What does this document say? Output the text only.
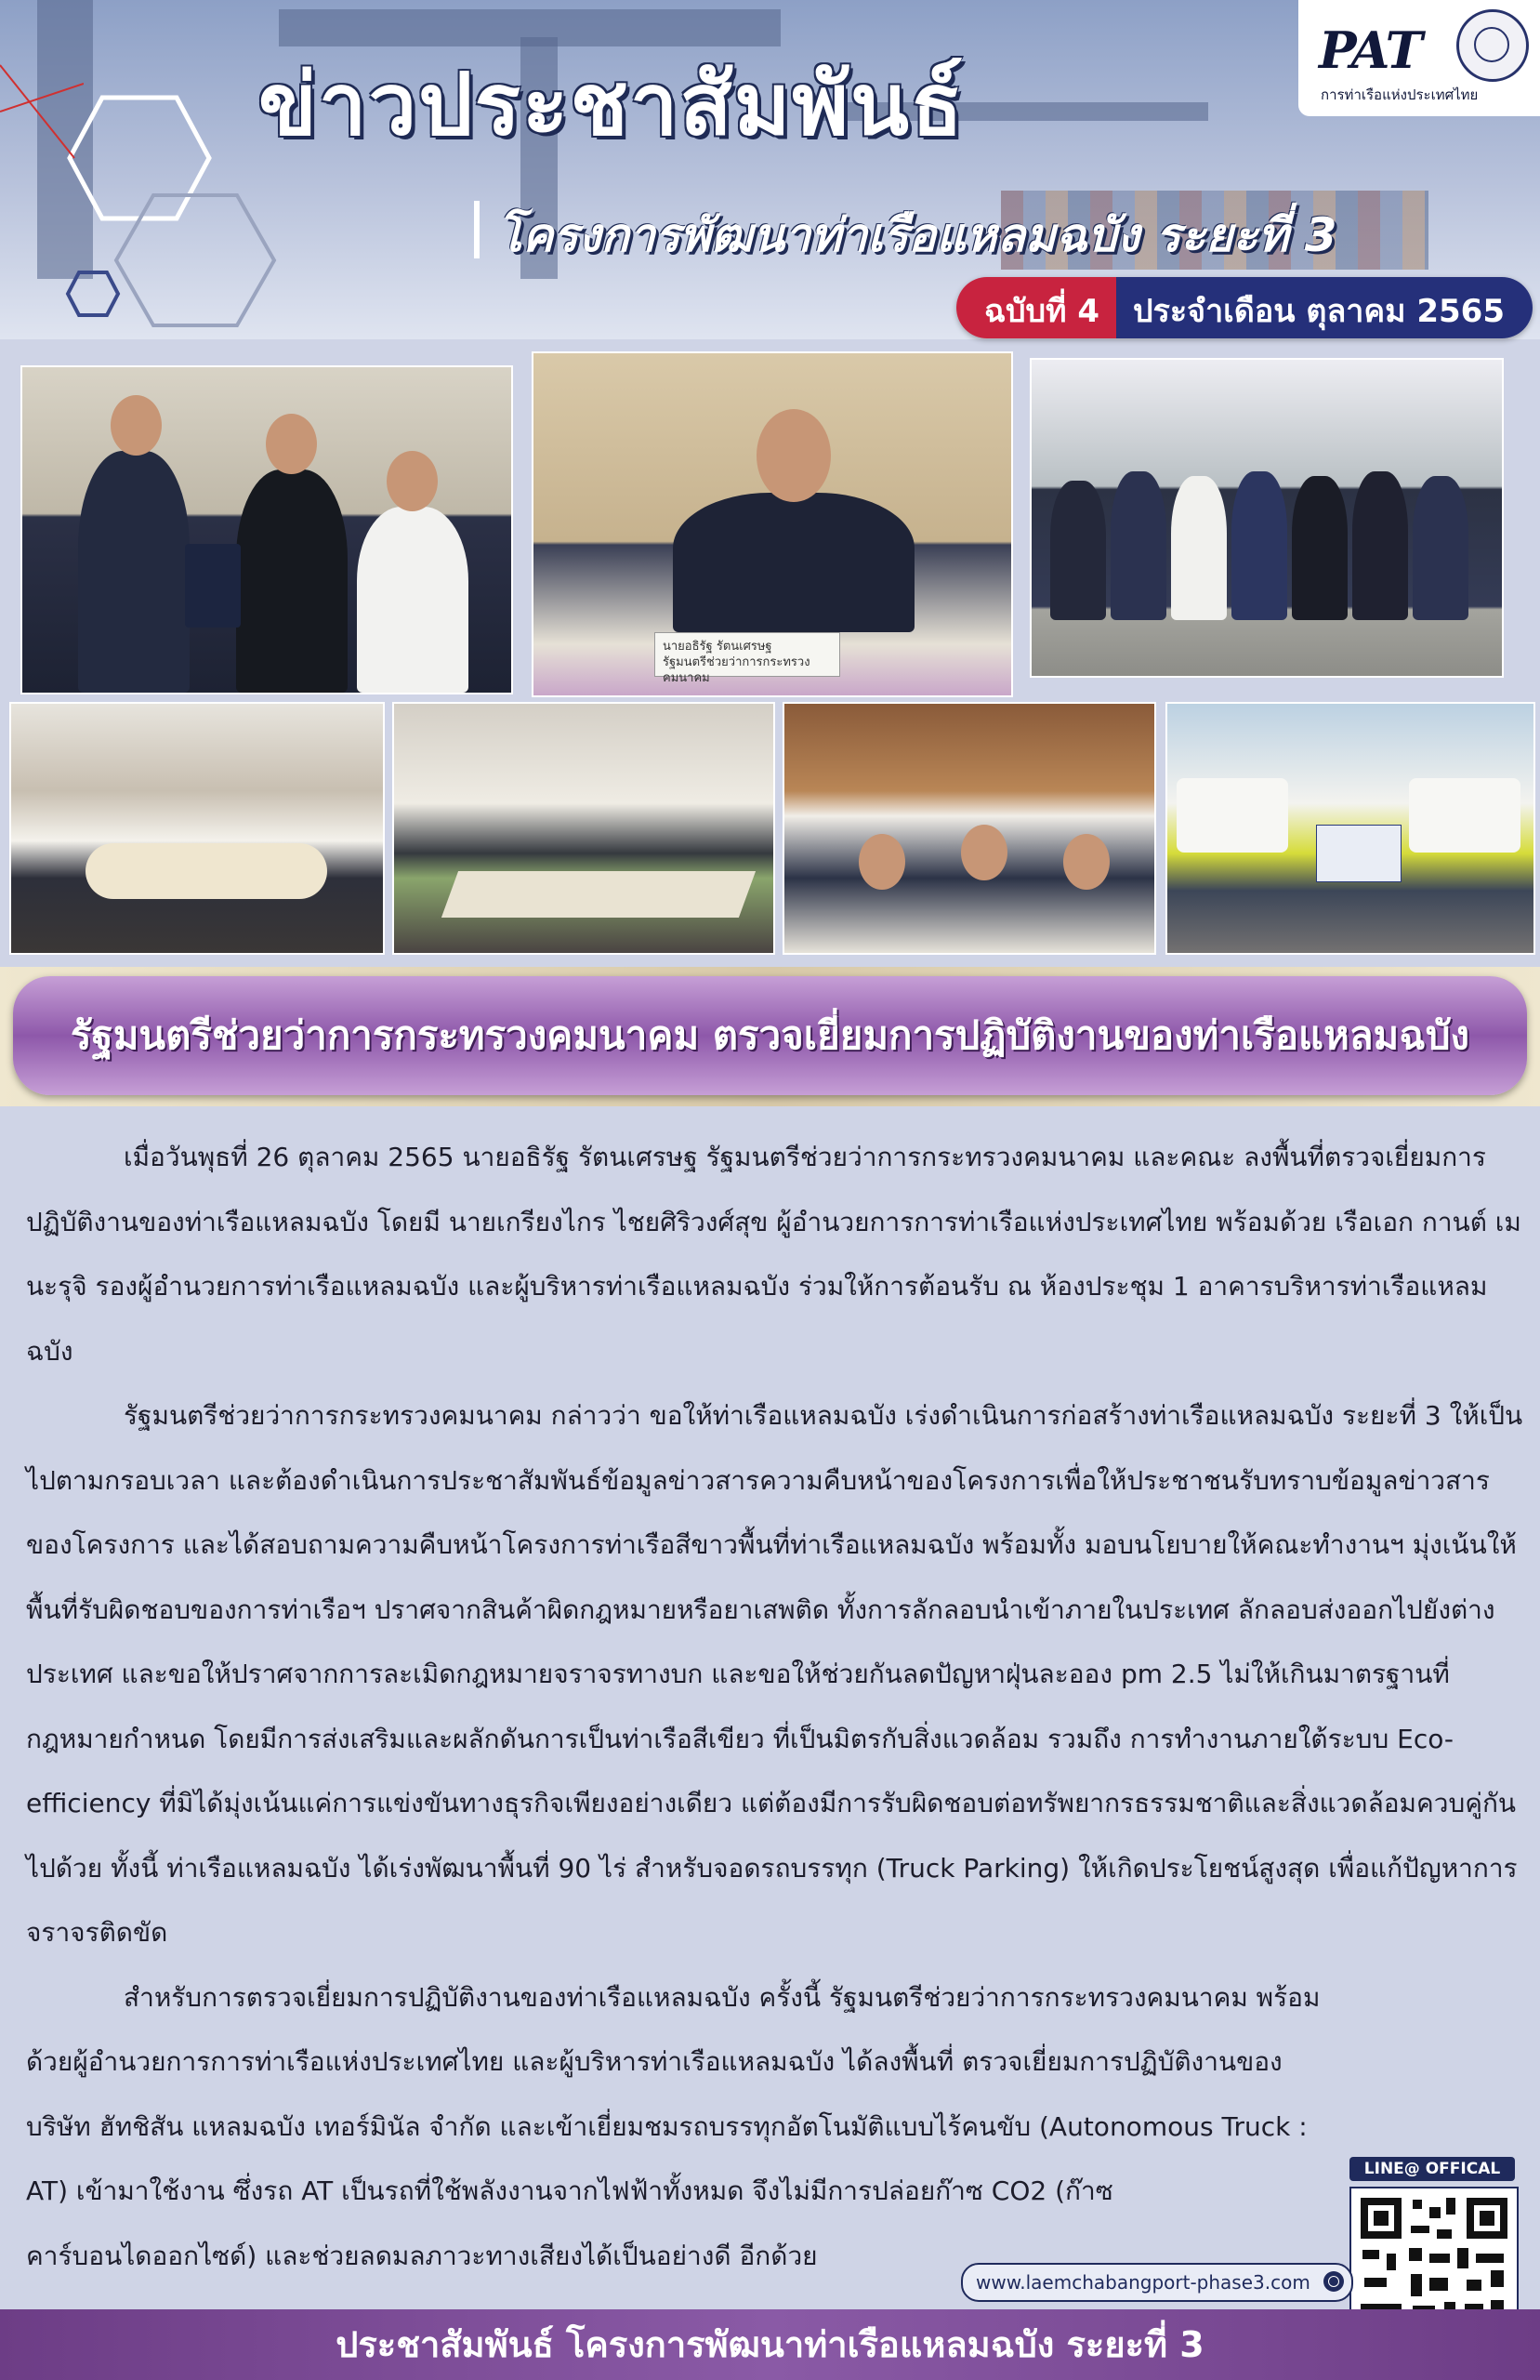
ข่าวประชาสัมพันธ์
โครงการพัฒนาท่าเรือแหลมฉบัง ระยะที่ 3
PAT
การท่าเรือแห่งประเทศไทย
ฉบับที่ 4	ประจำเดือน ตุลาคม 2565
นายอธิรัฐ รัตนเศรษฐ
รัฐมนตรีช่วยว่าการกระทรวงคมนาคม
รัฐมนตรีช่วยว่าการกระทรวงคมนาคม ตรวจเยี่ยมการปฏิบัติงานของท่าเรือแหลมฉบัง

เมื่อวันพุธที่ 26 ตุลาคม 2565 นายอธิรัฐ รัตนเศรษฐ รัฐมนตรีช่วยว่าการกระทรวงคมนาคม และคณะ ลงพื้นที่ตรวจเยี่ยมการปฏิบัติงานของท่าเรือแหลมฉบัง โดยมี นายเกรียงไกร ไชยศิริวงศ์สุข ผู้อำนวยการการท่าเรือแห่งประเทศไทย พร้อมด้วย เรือเอก กานต์ เมนะรุจิ รองผู้อำนวยการท่าเรือแหลมฉบัง และผู้บริหารท่าเรือแหลมฉบัง ร่วมให้การต้อนรับ ณ ห้องประชุม 1 อาคารบริหารท่าเรือแหลมฉบัง

รัฐมนตรีช่วยว่าการกระทรวงคมนาคม กล่าวว่า ขอให้ท่าเรือแหลมฉบัง เร่งดำเนินการก่อสร้างท่าเรือแหลมฉบัง ระยะที่ 3 ให้เป็นไปตามกรอบเวลา และต้องดำเนินการประชาสัมพันธ์ข้อมูลข่าวสารความคืบหน้าของโครงการเพื่อให้ประชาชนรับทราบข้อมูลข่าวสารของโครงการ และได้สอบถามความคืบหน้าโครงการท่าเรือสีขาวพื้นที่ท่าเรือแหลมฉบัง พร้อมทั้ง มอบนโยบายให้คณะทำงานฯ มุ่งเน้นให้พื้นที่รับผิดชอบของการท่าเรือฯ ปราศจากสินค้าผิดกฎหมายหรือยาเสพติด ทั้งการลักลอบนำเข้าภายในประเทศ ลักลอบส่งออกไปยังต่างประเทศ และขอให้ปราศจากการละเมิดกฎหมายจราจรทางบก และขอให้ช่วยกันลดปัญหาฝุ่นละออง pm 2.5 ไม่ให้เกินมาตรฐานที่กฎหมายกำหนด โดยมีการส่งเสริมและผลักดันการเป็นท่าเรือสีเขียว ที่เป็นมิตรกับสิ่งแวดล้อม รวมถึง การทำงานภายใต้ระบบ Eco-efficiency ที่มิได้มุ่งเน้นแค่การแข่งขันทางธุรกิจเพียงอย่างเดียว แต่ต้องมีการรับผิดชอบต่อทรัพยากรธรรมชาติและสิ่งแวดล้อมควบคู่กันไปด้วย ทั้งนี้ ท่าเรือแหลมฉบัง ได้เร่งพัฒนาพื้นที่ 90 ไร่ สำหรับจอดรถบรรทุก (Truck Parking) ให้เกิดประโยชน์สูงสุด เพื่อแก้ปัญหาการจราจรติดขัด

สำหรับการตรวจเยี่ยมการปฏิบัติงานของท่าเรือแหลมฉบัง ครั้งนี้ รัฐมนตรีช่วยว่าการกระทรวงคมนาคม พร้อมด้วยผู้อำนวยการการท่าเรือแห่งประเทศไทย และผู้บริหารท่าเรือแหลมฉบัง ได้ลงพื้นที่ ตรวจเยี่ยมการปฏิบัติงานของบริษัท ฮัทชิสัน แหลมฉบัง เทอร์มินัล จำกัด และเข้าเยี่ยมชมรถบรรทุกอัตโนมัติแบบไร้คนขับ (Autonomous Truck : AT) เข้ามาใช้งาน ซึ่งรถ AT เป็นรถที่ใช้พลังงานจากไฟฟ้าทั้งหมด จึงไม่มีการปล่อยก๊าซ CO2 (ก๊าซคาร์บอนไดออกไซด์) และช่วยลดมลภาวะทางเสียงได้เป็นอย่างดี อีกด้วย

LINE@ OFFICAL
www.laemchabangport-phase3.com
ประชาสัมพันธ์ โครงการพัฒนาท่าเรือแหลมฉบัง ระยะที่ 3
